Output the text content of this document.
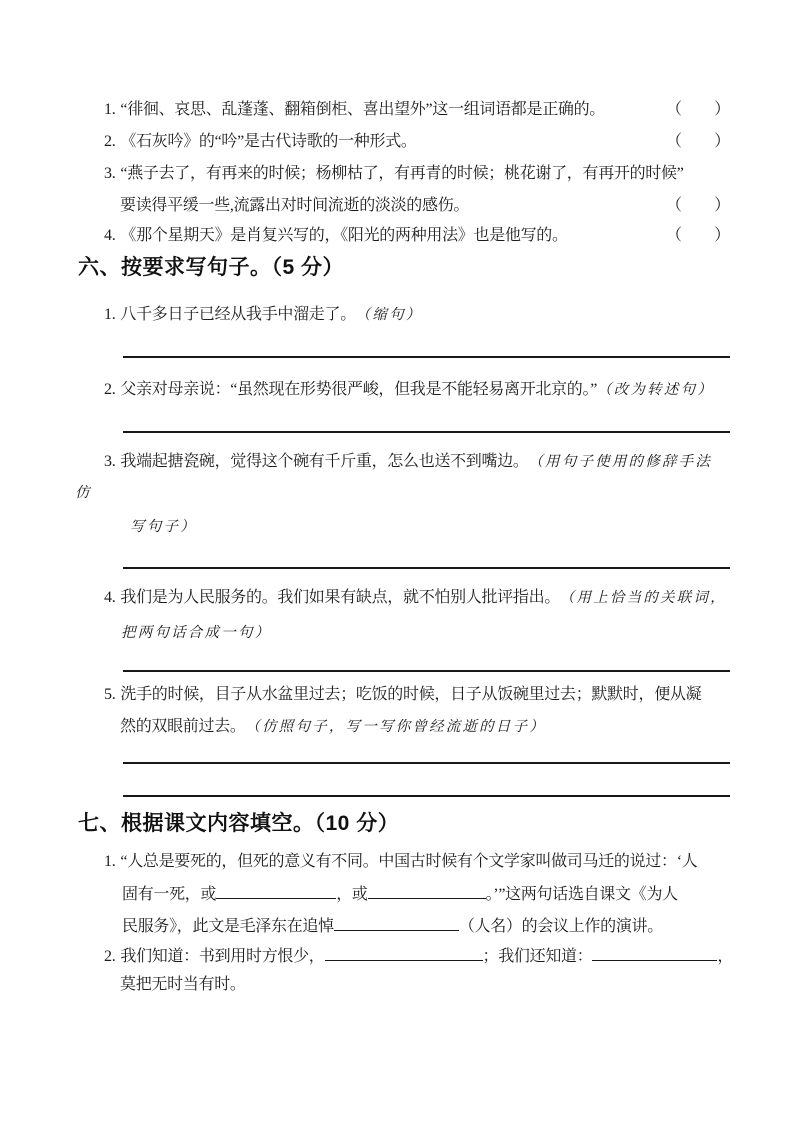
1. “徘徊、哀思、乱蓬蓬、翻箱倒柜、喜出望外”这一组词语都是正确的。	（ ）
2. 《石灰吟》的“吟”是古代诗歌的一种形式。	（ ）
3. “燕子去了，有再来的时候；杨柳枯了，有再青的时候；桃花谢了，有再开的时候”
要读得平缓一些,流露出对时间流逝的淡淡的感伤。	（ ）
4. 《那个星期天》是肖复兴写的，《阳光的两种用法》也是他写的。	（ ）
六、按要求写句子。（5 分）
1. 八千多日子已经从我手中溜走了。 （缩句）
2. 父亲对母亲说：“虽然现在形势很严峻，但我是不能轻易离开北京的。”（改为转述句）
3. 我端起搪瓷碗，觉得这个碗有千斤重，怎么也送不到嘴边。 （用句子使用的修辞手法
仿
写句子）
4. 我们是为人民服务的。我们如果有缺点，就不怕别人批评指出。 （用上恰当的关联词，
把两句话合成一句）
5. 洗手的时候，目子从水盆里过去；吃饭的时候，日子从饭碗里过去；默默时，便从凝
然的双眼前过去。 （仿照句子，写一写你曾经流逝的日子）
七、根据课文内容填空。（10 分）
1. “人总是要死的，但死的意义有不同。中国古时候有个文学家叫做司马迁的说过：‘人
固有一死，或	，或	。’”这两句话选自课文《为人
民服务》，此文是毛泽东在追悼	（人名）的会议上作的演讲。
2. 我们知道：书到用时方恨少，	；我们还知道：	，
莫把无时当有时。
